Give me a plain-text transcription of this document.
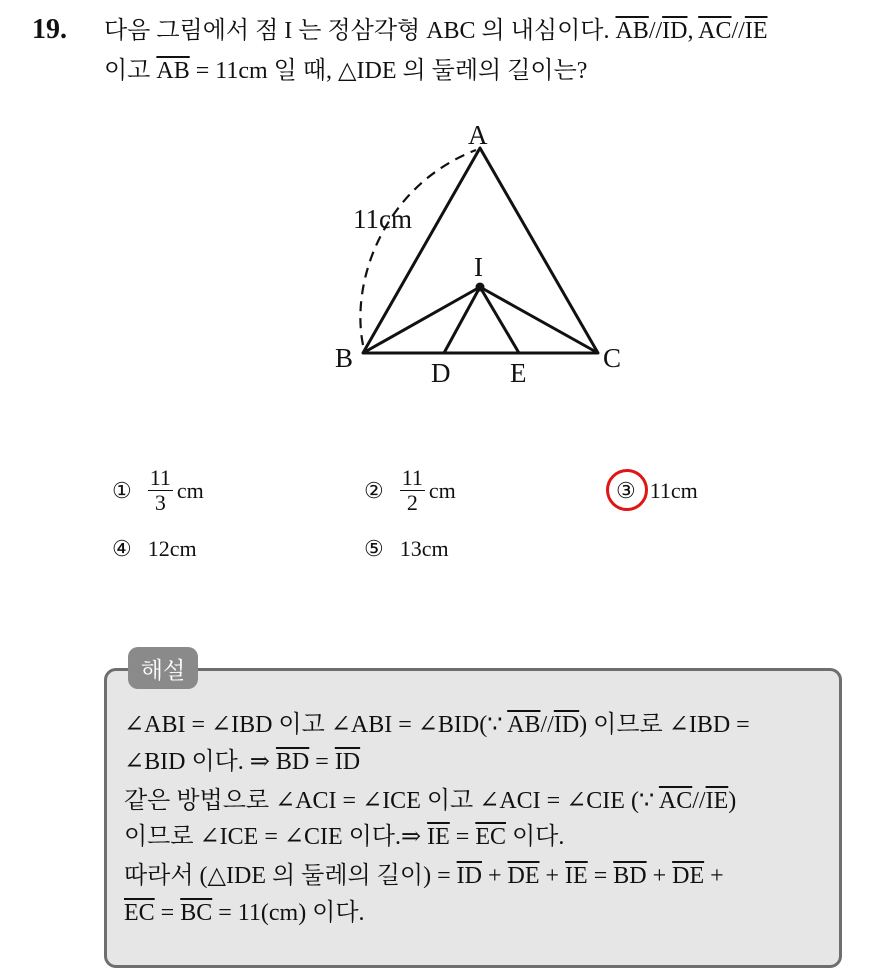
19. 다음 그림에서 점 I 는 정삼각형 ABC 의 내심이다. $\overline{AB}//\overline{ID}$, $\overline{AC}//\overline{IE}$
이고 $\overline{AB} = 11cm$ 일 때, △IDE 의 둘레의 길이는?
A
B	C
D E
I
11cm
① $\frac{11}{3}$ cm	② $\frac{11}{2}$ cm	③ 11cm
④ 12cm	⑤ 13cm
해설
∠ABI = ∠IBD 이고 ∠ABI = ∠BID(∵ $\overline{AB}//\overline{ID}$) 이므로 ∠IBD =
∠BID 이다. ⇒ $\overline{BD} = \overline{ID}$
같은 방법으로 ∠ACI = ∠ICE 이고 ∠ACI = ∠CIE (∵ $\overline{AC}//\overline{IE}$)
이므로 ∠ICE = ∠CIE 이다.⇒ $\overline{IE} = \overline{EC}$ 이다.
따라서 (△IDE 의 둘레의 길이) = $\overline{ID} + \overline{DE} + \overline{IE} = \overline{BD} + \overline{DE}$ +
$\overline{EC} = \overline{BC} = 11(cm)$ 이다.
